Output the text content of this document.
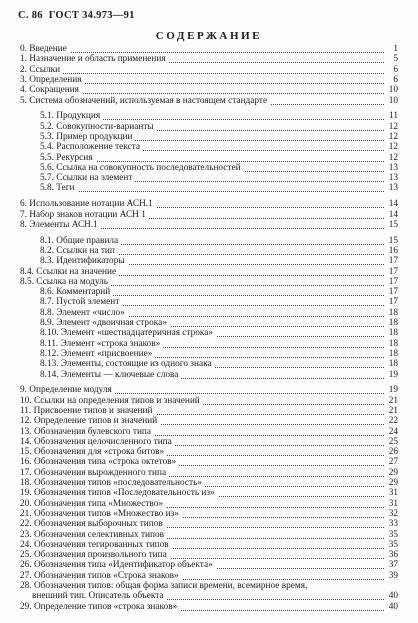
С. 86 ГОСТ 34.973—91
СОДЕРЖАНИЕ
0. Введение	1
1. Назначение и область применения	5
2. Ссылки	6
3. Определения	6
4. Сокращения	10
5. Система обозначений, используемая в настоящем стандарте	10
5.1. Продукция	11
5.2. Совокупности-варианты	12
5.3. Пример продукции	12
5.4. Расположение текста	12
5.5. Рекурсия	12
5.6. Ссылка на совокупность последовательностей	13
5.7. Ссылки на элемент	13
5.8. Теги	13
6. Использование нотации АСН.1	14
7. Набор знаков нотации АСН 1	14
8. Элементы АСН.1	15
8.1. Общие правила	15
8.2. Ссылки на тип	16
8.3. Идентификаторы	17
8.4. Ссылки на значение	17
8.5. Ссылка на модуль	17
8.6. Комментарий	17
8.7. Пустой элемент	17
8.8. Элемент «число»	18
8.9. Элемент «двоичная строка»	18
8.10. Элемент «шестнадцатеричная строка»	18
8.11. Элемент «строка знаков»	18
8.12. Элемент «присвоение»	18
8.13. Элементы, состоящие из одного знака	18
8.14. Элементы — ключевые слова	19
9. Определение модуля	19
10. Ссылки на определения типов и значений	21
11. Присвоение типов и значений	21
12. Определение типов и значений	22
13. Обозначения булевского типа	24
14. Обозначения целочисленного типа	25
15. Обозначения для «строка битов»	26
16. Обозначения типа «строка октетов»	27
17. Обозначения вырожденного типа	29
18. Обозначения типов «последовательность»	29
19. Обозначения типов «Последовательность из»	31
20. Обозначения типа «Множество»	31
21. Обозначения типов «Множество из»	32
22. Обозначения выборочных типов	33
23. Обозначения селективных типов	35
24. Обозначения тегированных типов	35
25. Обозначения произвольного типа	36
26. Обозначения типа «Идентификатор объекта»	37
27. Обозначения типов «Строка знаков»	39
28. Обозначения типов: общая форма записи времени, всемирное время,
внешний тип. Описатель объекта	40
29. Определение типов «строка знаков»	40
